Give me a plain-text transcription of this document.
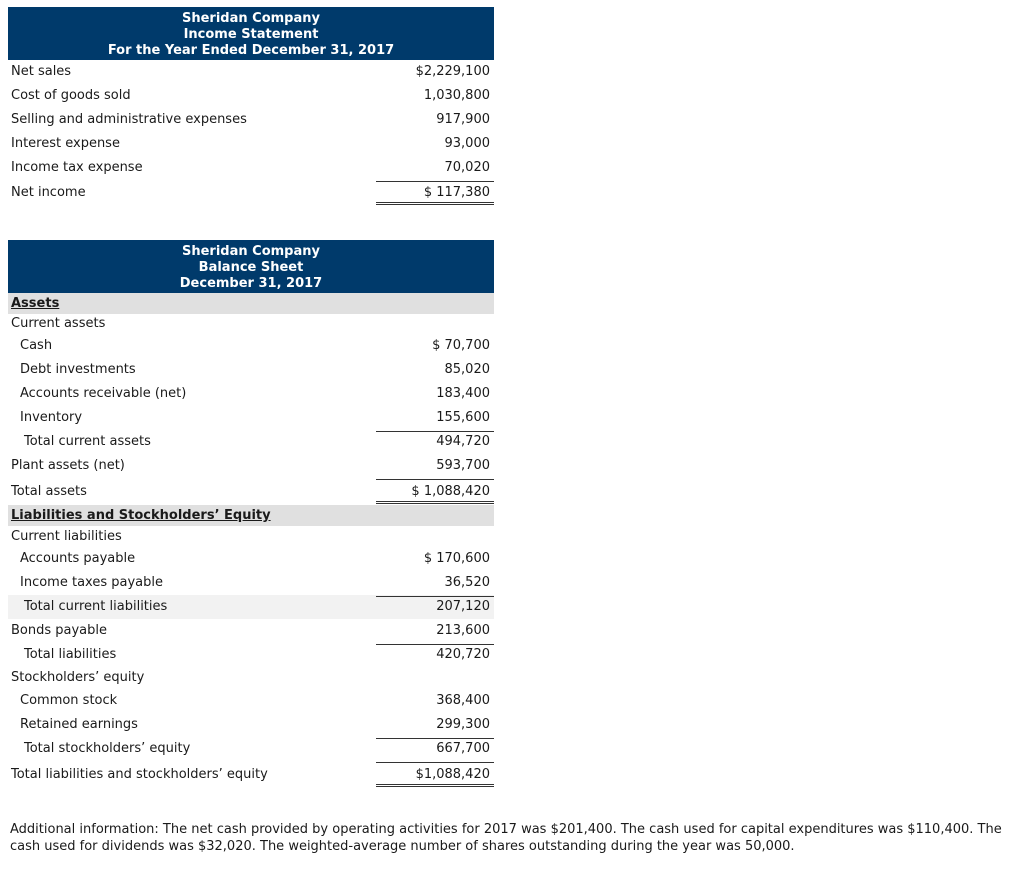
Sheridan Company
Income Statement
For the Year Ended December 31, 2017
Net sales	$2,229,100
Cost of goods sold	1,030,800
Selling and administrative expenses	917,900
Interest expense	93,000
Income tax expense	70,020
Net income	$ 117,380
Sheridan Company
Balance Sheet
December 31, 2017
Assets
Current assets
Cash	$ 70,700
Debt investments	85,020
Accounts receivable (net)	183,400
Inventory	155,600
Total current assets	494,720
Plant assets (net)	593,700
Total assets	$ 1,088,420
Liabilities and Stockholders’ Equity
Current liabilities
Accounts payable	$ 170,600
Income taxes payable	36,520
Total current liabilities	207,120
Bonds payable	213,600
Total liabilities	420,720
Stockholders’ equity
Common stock	368,400
Retained earnings	299,300
Total stockholders’ equity	667,700
Total liabilities and stockholders’ equity	$1,088,420
Additional information: The net cash provided by operating activities for 2017 was $201,400. The cash used for capital expenditures was $110,400. The cash used for dividends was $32,020. The weighted-average number of shares outstanding during the year was 50,000.
